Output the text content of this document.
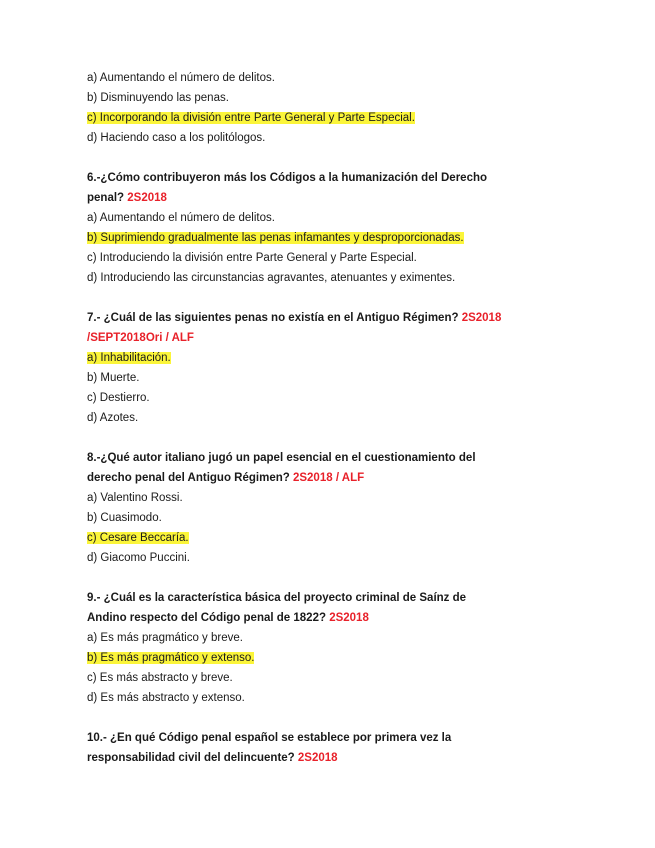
a) Aumentando el número de delitos.
b) Disminuyendo las penas.
c) Incorporando la división entre Parte General y Parte Especial.
d) Haciendo caso a los politólogos.
6.-¿Cómo contribuyeron más los Códigos a la humanización del Derecho
penal? 2S2018
a) Aumentando el número de delitos.
b) Suprimiendo gradualmente las penas infamantes y desproporcionadas.
c) Introduciendo la división entre Parte General y Parte Especial.
d) Introduciendo las circunstancias agravantes, atenuantes y eximentes.
7.- ¿Cuál de las siguientes penas no existía en el Antiguo Régimen? 2S2018
/SEPT2018Ori / ALF
a) Inhabilitación.
b) Muerte.
c) Destierro.
d) Azotes.
8.-¿Qué autor italiano jugó un papel esencial en el cuestionamiento del
derecho penal del Antiguo Régimen? 2S2018 / ALF
a) Valentino Rossi.
b) Cuasimodo.
c) Cesare Beccaría.
d) Giacomo Puccini.
9.- ¿Cuál es la característica básica del proyecto criminal de Saínz de
Andino respecto del Código penal de 1822? 2S2018
a) Es más pragmático y breve.
b) Es más pragmático y extenso.
c) Es más abstracto y breve.
d) Es más abstracto y extenso.
10.- ¿En qué Código penal español se establece por primera vez la
responsabilidad civil del delincuente? 2S2018
